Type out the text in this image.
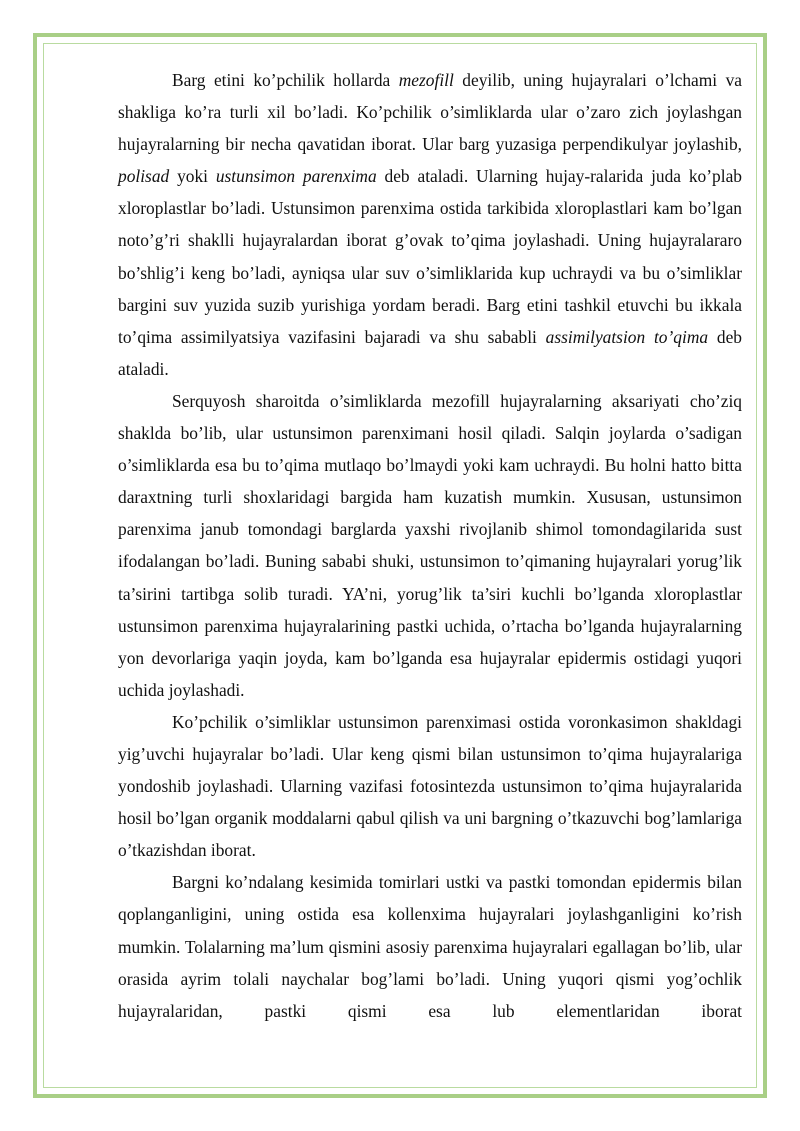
Barg etini ko’pchilik hollarda mezofill deyilib, uning hujayralari o’lchami va shakliga ko’ra turli xil bo’ladi. Ko’pchilik o’simliklarda ular o’zaro zich joylashgan hujayralarning bir necha qavatidan iborat. Ular barg yuzasiga perpendikulyar joylashib, polisad yoki ustunsimon parenxima deb ataladi. Ularning hujay-ralarida juda ko’plab xloroplastlar bo’ladi. Ustunsimon parenxima ostida tarkibida xloroplastlari kam bo’lgan noto’g’ri shaklli hujayralardan iborat g’ovak to’qima joylashadi. Uning hujayralararo bo’shlig’i keng bo’ladi, ayniqsa ular suv o’simliklarida kup uchraydi va bu o’simliklar bargini suv yuzida suzib yurishiga yordam beradi. Barg etini tashkil etuvchi bu ikkala to’qima assimilyatsiya vazifasini bajaradi va shu sababli assimilyatsion to’qima deb ataladi.

Serquyosh sharoitda o’simliklarda mezofill hujayralarning aksariyati cho’ziq shaklda bo’lib, ular ustunsimon parenximani hosil qiladi. Salqin joylarda o’sadigan o’simliklarda esa bu to’qima mutlaqo bo’lmaydi yoki kam uchraydi. Bu holni hatto bitta daraxtning turli shoxlaridagi bargida ham kuzatish mumkin. Xususan, ustunsimon parenxima janub tomondagi barglarda yaxshi rivojlanib shimol tomondagilarida sust ifodalangan bo’ladi. Buning sababi shuki, ustunsimon to’qimaning hujayralari yorug’lik ta’sirini tartibga solib turadi. YA’ni, yorug’lik ta’siri kuchli bo’lganda xloroplastlar ustunsimon parenxima hujayralarining pastki uchida, o’rtacha bo’lganda hujayralarning yon devorlariga yaqin joyda, kam bo’lganda esa hujayralar epidermis ostidagi yuqori uchida joylashadi.

Ko’pchilik o’simliklar ustunsimon parenximasi ostida voronkasimon shakldagi yig’uvchi hujayralar bo’ladi. Ular keng qismi bilan ustunsimon to’qima hujayralariga yondoshib joylashadi. Ularning vazifasi fotosintezda ustunsimon to’qima hujayralarida hosil bo’lgan organik moddalarni qabul qilish va uni bargning o’tkazuvchi bog’lamlariga o’tkazishdan iborat.

Bargni ko’ndalang kesimida tomirlari ustki va pastki tomondan epidermis bilan qoplanganligini, uning ostida esa kollenxima hujayralari joylashganligini ko’rish mumkin. Tolalarning ma’lum qismini asosiy parenxima hujayralari egallagan bo’lib, ular orasida ayrim tolali naychalar bog’lami bo’ladi. Uning yuqori qismi yog’ochlik hujayralaridan, pastki qismi esa lub elementlaridan iborat
